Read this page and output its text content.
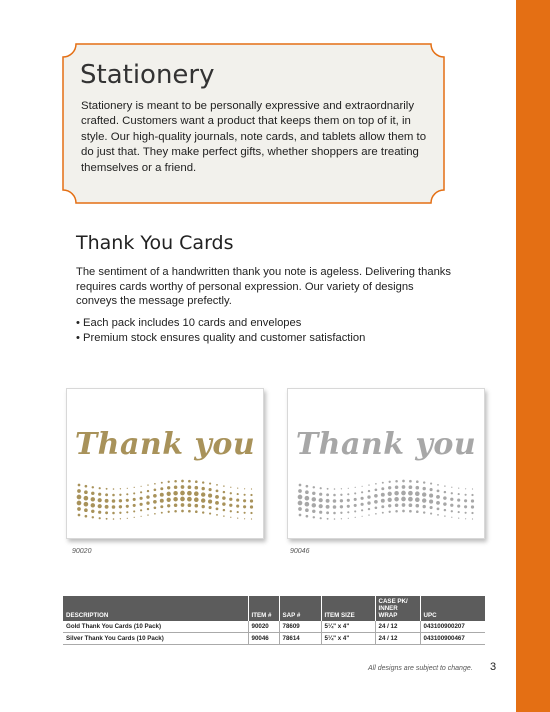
STATIONERY Stationery
Stationery is meant to be personally expressive and extraordnarily crafted. Customers want a product that keeps them on top of it, in style. Our high-quality journals, note cards, and tablets allow them to do just that. They make perfect gifts, whether shoppers are treating themselves or a friend.
Thank You Cards
The sentiment of a handwritten thank you note is ageless. Delivering thanks requires cards worthy of personal expression. Our variety of designs conveys the message prefectly.
• Each pack includes 10 cards and envelopes
• Premium stock ensures quality and customer satisfaction
Thank you
90020
Thank you
90046
DESCRIPTION	ITEM #	SAP #	ITEM SIZE	CASE PK/ INNER WRAP	UPC
Gold Thank You Cards (10 Pack)	90020	78609	5¼" x 4"	24 / 12	043100900207
Silver Thank You Cards (10 Pack)	90046	78614	5¼" x 4"	24 / 12	043100900467
All designs are subject to change. 3
